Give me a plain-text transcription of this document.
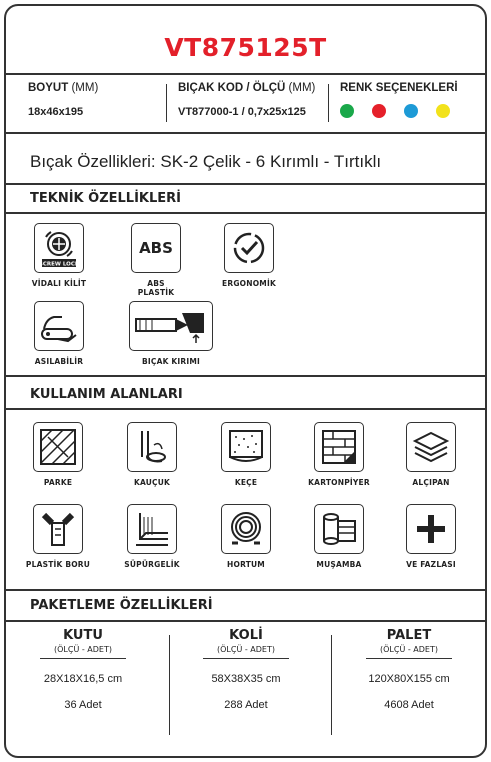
VT875125T
BOYUT (MM)
18x46x195
BIÇAK KOD / ÖLÇÜ (MM)
VT877000-1 / 0,7x25x125
RENK SEÇENEKLERİ
Bıçak Özellikleri: SK-2 Çelik - 6 Kırımlı - Tırtıklı
TEKNİK ÖZELLİKLERİ
SCREW LOCK
VİDALI KİLİT
ABS
ABS
PLASTİK
ERGONOMİK
ASILABİLİR	BIÇAK KIRIMI
KULLANIM ALANLARI
PARKE	KAUÇUK	KEÇE	KARTONPİYER	ALÇIPAN
PLASTİK BORU	SÜPÜRGELİK	HORTUM	MUŞAMBA	VE FAZLASI
PAKETLEME ÖZELLİKLERİ
KUTU
(ÖLÇÜ - ADET)
28X18X16,5 cm
36 Adet
KOLİ
(ÖLÇÜ - ADET)
58X38X35 cm
288 Adet
PALET
(ÖLÇÜ - ADET)
120X80X155 cm
4608 Adet
